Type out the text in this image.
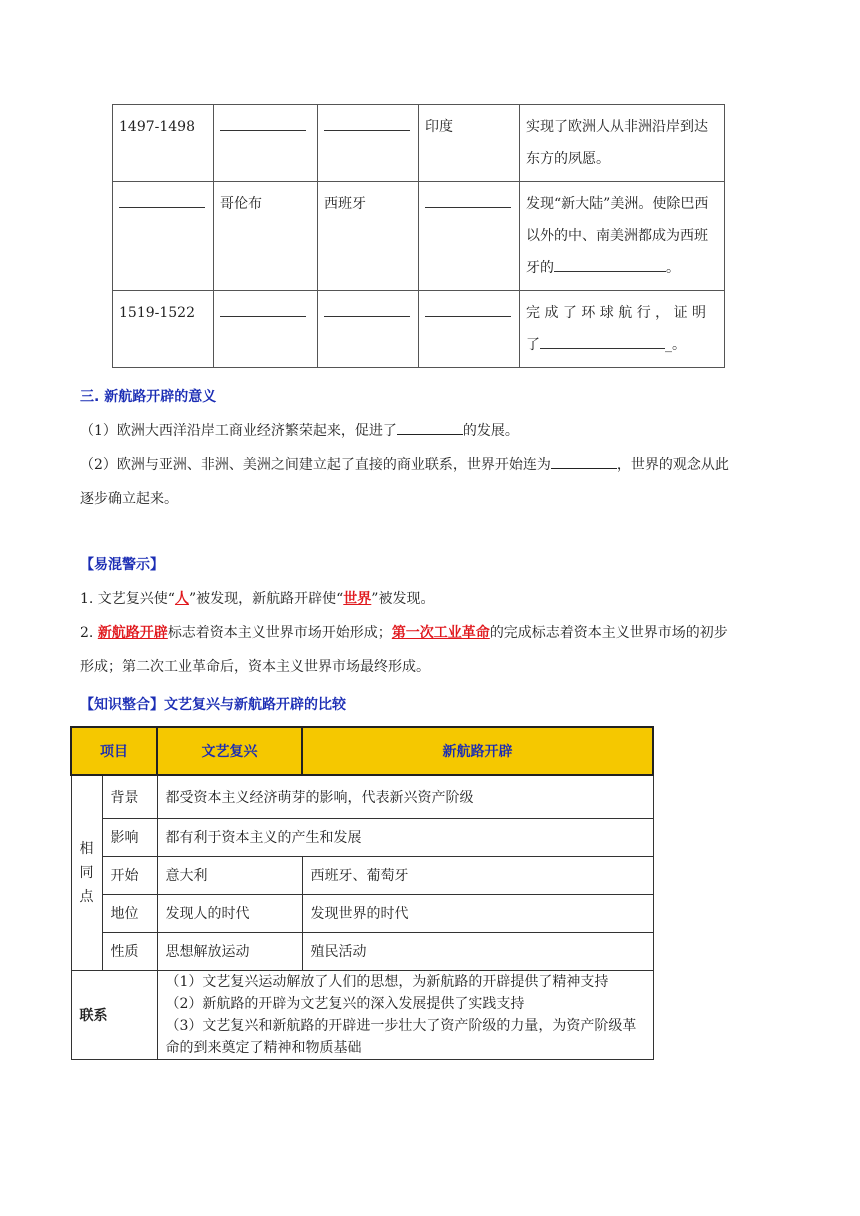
1497-1498			印度	实现了欧洲人从非洲沿岸到达东方的夙愿。
	哥伦布	西班牙		发现“新大陆”美洲。使除巴西以外的中、南美洲都成为西班牙的 。
1519-1522				完 成 了 环 球 航 行 ， 证 明了 _。
三. 新航路开辟的意义
（1）欧洲大西洋沿岸工商业经济繁荣起来，促进了	的发展。
（2）欧洲与亚洲、非洲、美洲之间建立起了直接的商业联系，世界开始连为	，世界的观念从此
逐步确立起来。
【易混警示】
1. 文艺复兴使“人”被发现，新航路开辟使“世界”被发现。
2. 新航路开辟标志着资本主义世界市场开始形成；第一次工业革命的完成标志着资本主义世界市场的初步
形成；第二次工业革命后，资本主义世界市场最终形成。
【知识整合】文艺复兴与新航路开辟的比较
项目		文艺复兴	新航路开辟
相同点	背景	都受资本主义经济萌芽的影响，代表新兴资产阶级	
	影响	都有利于资本主义的产生和发展	
	开始	意大利	西班牙、葡萄牙
	地位	发现人的时代	发现世界的时代
	性质	思想解放运动	殖民活动
联系		（1）文艺复兴运动解放了人们的思想，为新航路的开辟提供了精神支持
（2）新航路的开辟为文艺复兴的深入发展提供了实践支持
（3）文艺复兴和新航路的开辟进一步壮大了资产阶级的力量，为资产阶级革命的到来奠定了精神和物质基础	
